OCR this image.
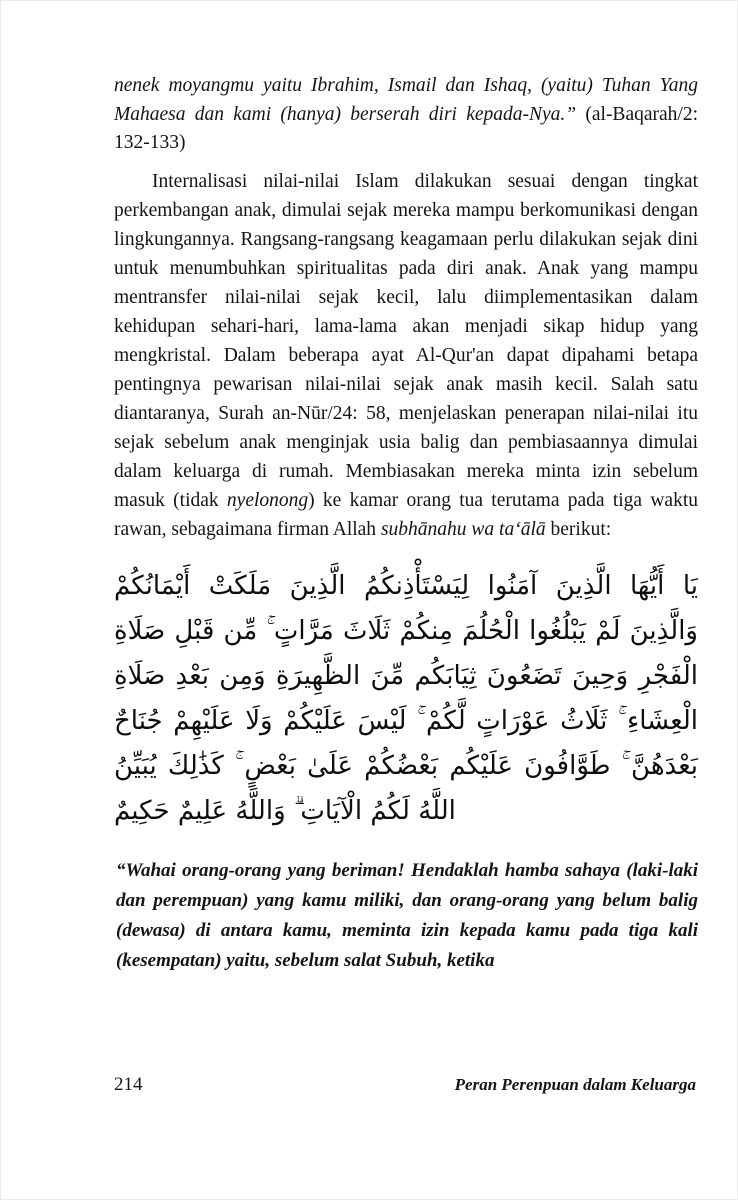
nenek moyangmu yaitu Ibrahim, Ismail dan Ishaq, (yaitu) Tuhan Yang Mahaesa dan kami (hanya) berserah diri kepada-Nya.” (al-Baqarah/2: 132-133)

Internalisasi nilai-nilai Islam dilakukan sesuai dengan tingkat perkembangan anak, dimulai sejak mereka mampu berkomunikasi dengan lingkungannya. Rangsang-rangsang keagamaan perlu dilakukan sejak dini untuk menumbuhkan spiritualitas pada diri anak. Anak yang mampu mentransfer nilai-nilai sejak kecil, lalu diimplementasikan dalam kehidupan sehari-hari, lama-lama akan menjadi sikap hidup yang mengkristal. Dalam beberapa ayat Al-Qur'an dapat dipahami betapa pentingnya pewarisan nilai-nilai sejak anak masih kecil. Salah satu diantaranya, Surah an-Nūr/24: 58, menjelaskan penerapan nilai-nilai itu sejak sebelum anak menginjak usia balig dan pembiasaannya dimulai dalam keluarga di rumah. Membiasakan mereka minta izin sebelum masuk (tidak nyelonong) ke kamar orang tua terutama pada tiga waktu rawan, sebagaimana firman Allah subhānahu wa ta‘ālā berikut:

يَا أَيُّهَا الَّذِينَ آمَنُوا لِيَسْتَأْذِنكُمُ الَّذِينَ مَلَكَتْ أَيْمَانُكُمْ وَالَّذِينَ لَمْ يَبْلُغُوا الْحُلُمَ مِنكُمْ ثَلَاثَ مَرَّاتٍ ۚ مِّن قَبْلِ صَلَاةِ الْفَجْرِ وَحِينَ تَضَعُونَ ثِيَابَكُم مِّنَ الظَّهِيرَةِ وَمِن بَعْدِ صَلَاةِ الْعِشَاءِ ۚ ثَلَاثُ عَوْرَاتٍ لَّكُمْ ۚ لَيْسَ عَلَيْكُمْ وَلَا عَلَيْهِمْ جُنَاحٌ بَعْدَهُنَّ ۚ طَوَّافُونَ عَلَيْكُم بَعْضُكُمْ عَلَىٰ بَعْضٍ ۚ كَذَٰلِكَ يُبَيِّنُ اللَّهُ لَكُمُ الْآيَاتِ ۗ وَاللَّهُ عَلِيمٌ حَكِيمٌ

“Wahai orang-orang yang beriman! Hendaklah hamba sahaya (laki-laki dan perempuan) yang kamu miliki, dan orang-orang yang belum balig (dewasa) di antara kamu, meminta izin kepada kamu pada tiga kali (kesempatan) yaitu, sebelum salat Subuh, ketika

214	Peran Perenpuan dalam Keluarga
